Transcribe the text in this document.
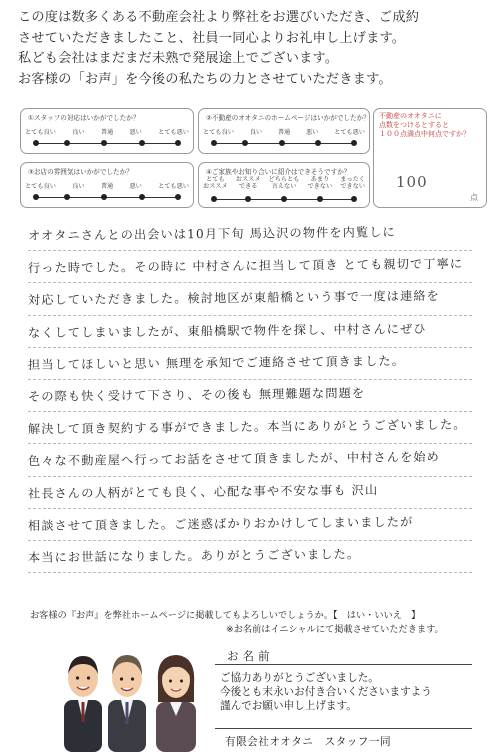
この度は数多くある不動産会社より弊社をお選びいただき、ご成約

させていただきましたこと、社員一同心よりお礼申し上げます。

私ども会社はまだまだ未熟で発展途上でございます。

お客様の「お声」を今後の私たちの力とさせていただきます。

①スタッフの対応はいかがでしたか？
とても良い	良い	普通	悪い	とても悪い
②不動産のオオタニのホームページはいかがでしたか？
とても良い	良い	普通	悪い	とても悪い
③お店の雰囲気はいかがでしたか？
とても良い	良い	普通	悪い	とても悪い
④ご家族やお知り合いに紹介はできそうですか？
とても
おススメ
おススメ
できる
どちらとも
言えない
あまり
できない
まったく
できない
不動産のオオタニに
点数をつけるとすると
１００点満点中何点ですか？
100
点
オオタニさんとの出会いは10月下旬 馬込沢の物件を内覧しに
行った時でした。その時に 中村さんに担当して頂き とても親切で丁寧に
対応していただきました。検討地区が東船橋という事で一度は連絡を
なくしてしまいましたが、東船橋駅で物件を探し、中村さんにぜひ
担当してほしいと思い 無理を承知でご連絡させて頂きました。
その際も快く受けて下さり、その後も 無理難題な問題を
解決して頂き契約する事ができました。本当にありがとうございました。
色々な不動産屋へ行ってお話をさせて頂きましたが、中村さんを始め
社長さんの人柄がとても良く、心配な事や不安な事も 沢山
相談させて頂きました。ご迷惑ばかりおかけしてしまいましたが
本当にお世話になりました。ありがとうございました。
お客様の『お声』を弊社ホームページに掲載してもよろしいでしょうか。【　はい・いいえ　】
※お名前はイニシャルにて掲載させていただきます。
お名前

ご協力ありがとうございました。

今後とも末永いお付き合いくださいますよう

謹んでお願い申し上げます。

有限会社オオタニ　スタッフ一同
